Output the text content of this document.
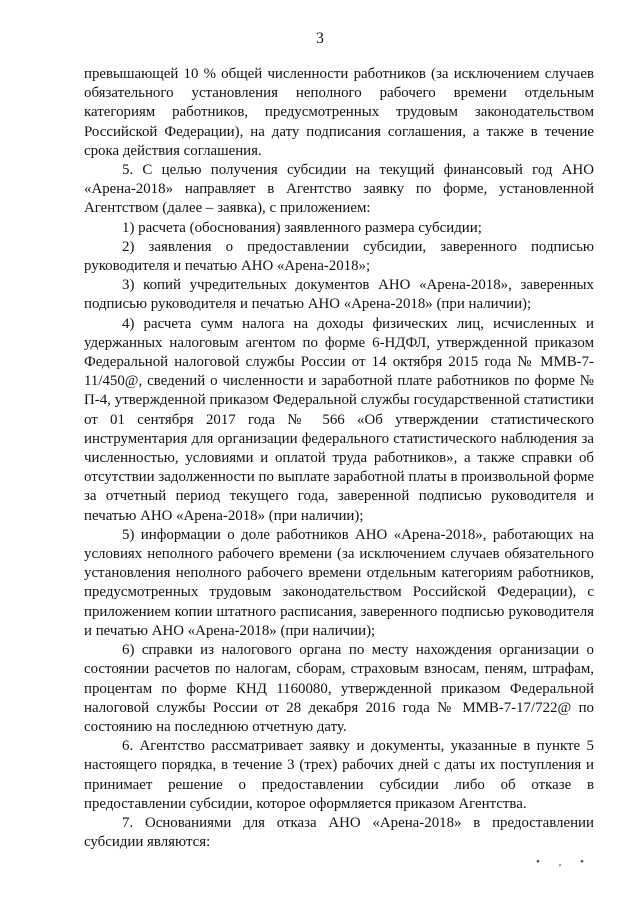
3

превышающей 10 % общей численности работников (за исключением случаев обязательного установления неполного рабочего времени отдельным категориям работников, предусмотренных трудовым законодательством Российской Федерации), на дату подписания соглашения, а также в течение срока действия соглашения.

5. С целью получения субсидии на текущий финансовый год АНО «Арена-2018» направляет в Агентство заявку по форме, установленной Агентством (далее – заявка), с приложением:

1) расчета (обоснования) заявленного размера субсидии;

2) заявления о предоставлении субсидии, заверенного подписью руководителя и печатью АНО «Арена-2018»;

3) копий учредительных документов АНО «Арена-2018», заверенных подписью руководителя и печатью АНО «Арена-2018» (при наличии);

4) расчета сумм налога на доходы физических лиц, исчисленных и удержанных налоговым агентом по форме 6-НДФЛ, утвержденной приказом Федеральной налоговой службы России от 14 октября 2015 года № ММВ-7-11/450@, сведений о численности и заработной плате работников по форме № П-4, утвержденной приказом Федеральной службы государственной статистики от 01 сентября 2017 года № 566 «Об утверждении статистического инструментария для организации федерального статистического наблюдения за численностью, условиями и оплатой труда работников», а также справки об отсутствии задолженности по выплате заработной платы в произвольной форме за отчетный период текущего года, заверенной подписью руководителя и печатью АНО «Арена-2018» (при наличии);

5) информации о доле работников АНО «Арена-2018», работающих на условиях неполного рабочего времени (за исключением случаев обязательного установления неполного рабочего времени отдельным категориям работников, предусмотренных трудовым законодательством Российской Федерации), с приложением копии штатного расписания, заверенного подписью руководителя и печатью АНО «Арена-2018» (при наличии);

6) справки из налогового органа по месту нахождения организации о состоянии расчетов по налогам, сборам, страховым взносам, пеням, штрафам, процентам по форме КНД 1160080, утвержденной приказом Федеральной налоговой службы России от 28 декабря 2016 года № ММВ-7-17/722@ по состоянию на последнюю отчетную дату.

6. Агентство рассматривает заявку и документы, указанные в пункте 5 настоящего порядка, в течение 3 (трех) рабочих дней с даты их поступления и принимает решение о предоставлении субсидии либо об отказе в предоставлении субсидии, которое оформляется приказом Агентства.

7. Основаниями для отказа АНО «Арена-2018» в предоставлении субсидии являются:

• , •
